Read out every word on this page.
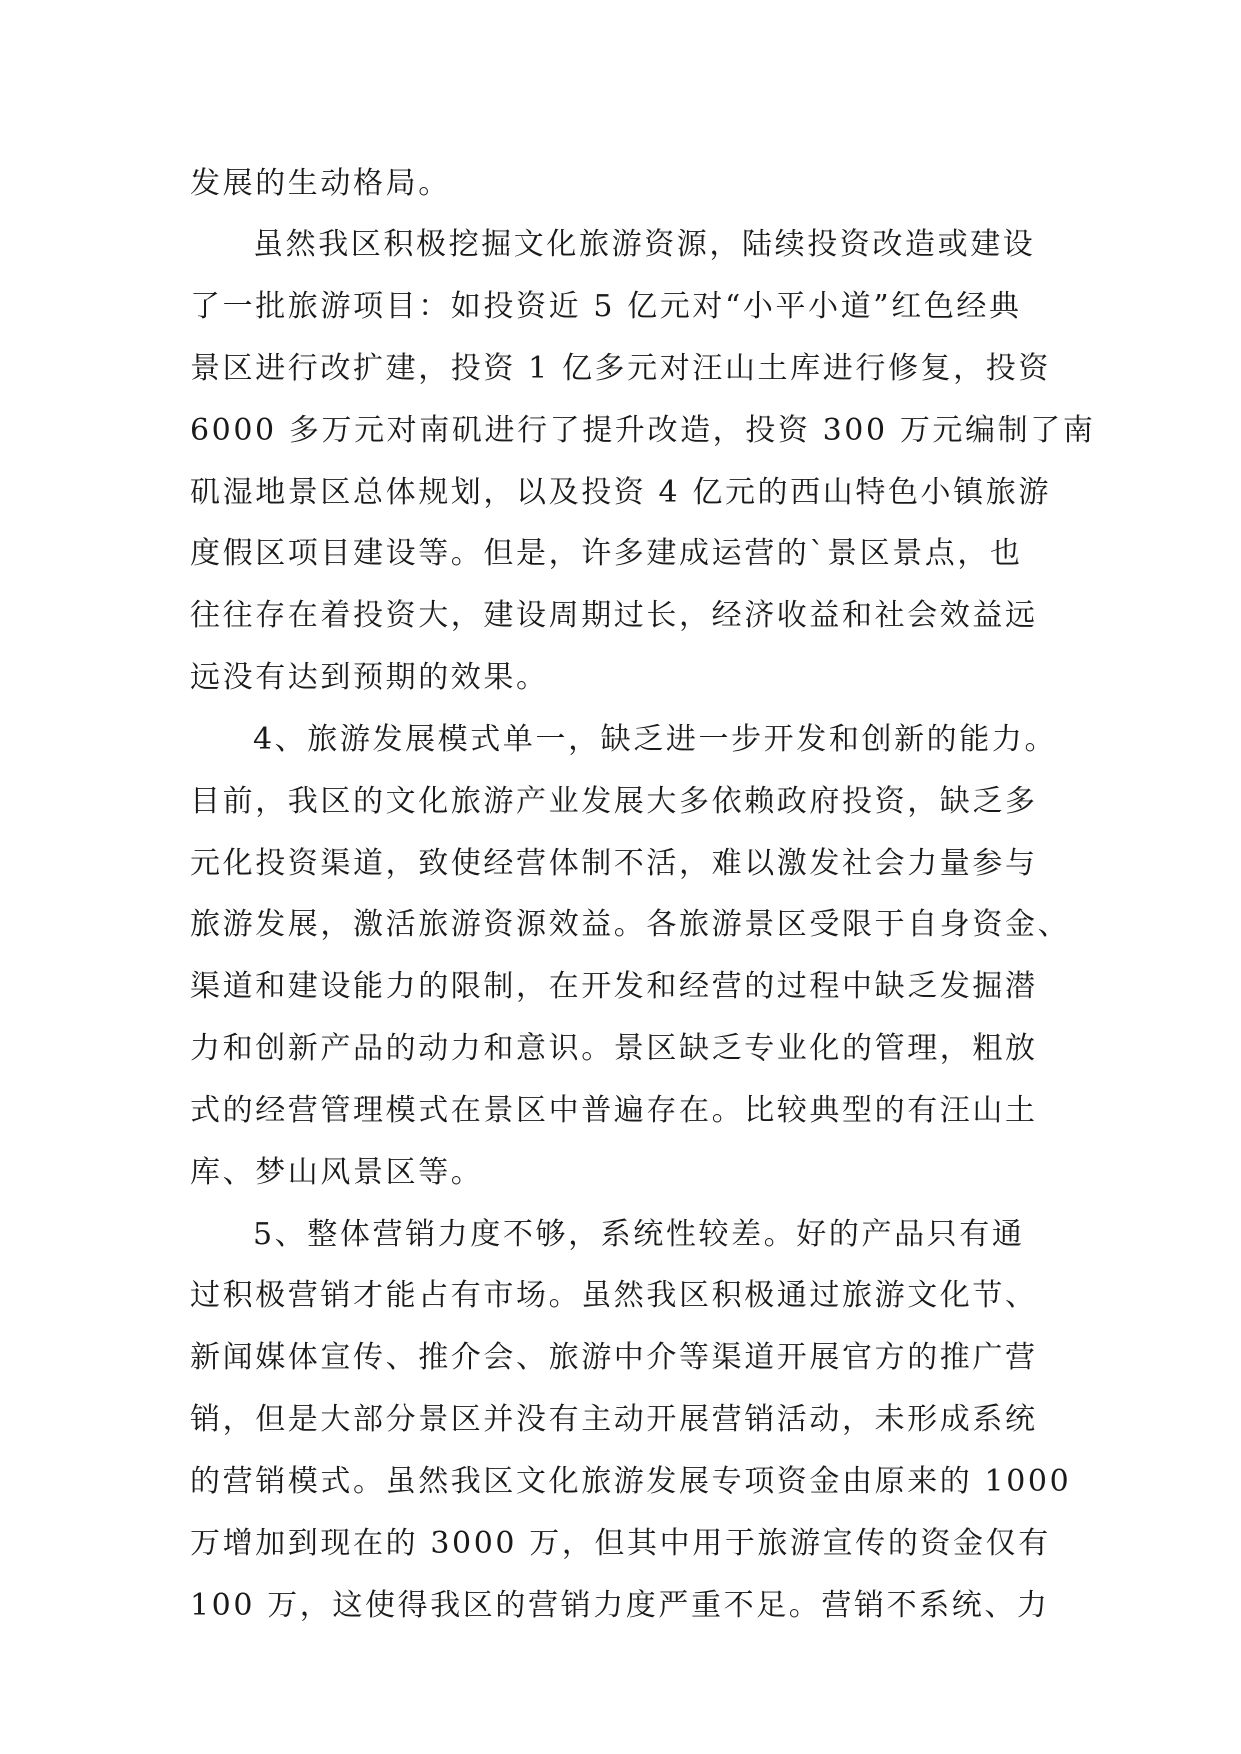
发展的生动格局。
虽然我区积极挖掘文化旅游资源，陆续投资改造或建设
了一批旅游项目：如投资近 5 亿元对“小平小道”红色经典
景区进行改扩建，投资 1 亿多元对汪山土库进行修复，投资
6000 多万元对南矶进行了提升改造，投资 300 万元编制了南
矶湿地景区总体规划，以及投资 4 亿元的西山特色小镇旅游
度假区项目建设等。但是，许多建成运营的`景区景点，也
往往存在着投资大，建设周期过长，经济收益和社会效益远
远没有达到预期的效果。
4、旅游发展模式单一，缺乏进一步开发和创新的能力。
目前，我区的文化旅游产业发展大多依赖政府投资，缺乏多
元化投资渠道，致使经营体制不活，难以激发社会力量参与
旅游发展，激活旅游资源效益。各旅游景区受限于自身资金、
渠道和建设能力的限制，在开发和经营的过程中缺乏发掘潜
力和创新产品的动力和意识。景区缺乏专业化的管理，粗放
式的经营管理模式在景区中普遍存在。比较典型的有汪山土
库、梦山风景区等。
5、整体营销力度不够，系统性较差。好的产品只有通
过积极营销才能占有市场。虽然我区积极通过旅游文化节、
新闻媒体宣传、推介会、旅游中介等渠道开展官方的推广营
销，但是大部分景区并没有主动开展营销活动，未形成系统
的营销模式。虽然我区文化旅游发展专项资金由原来的 1000
万增加到现在的 3000 万，但其中用于旅游宣传的资金仅有
100 万，这使得我区的营销力度严重不足。营销不系统、力
